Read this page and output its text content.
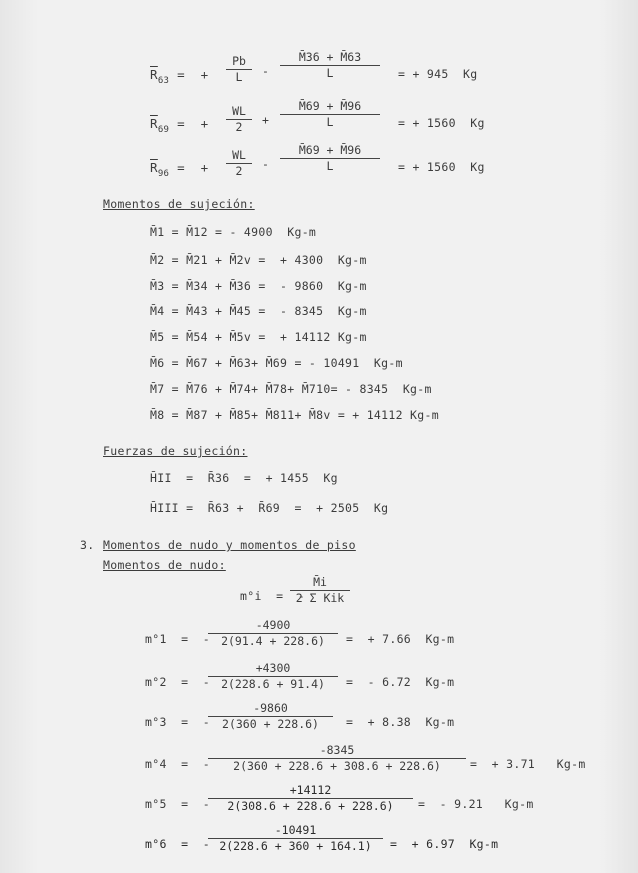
$\overline{R}_{63}$ =  + $\frac{Pb}{L} - \frac{M̄36 + M̄63}{L}$ = + 945  Kg
$\overline{R}_{69}$ =  + $\frac{WL}{2} + \frac{M̄69 + M̄96}{L}$ = + 1560  Kg
$\overline{R}_{96}$ =  + $\frac{WL}{2} - \frac{M̄69 + M̄96}{L}$ = + 1560  Kg
Momentos de sujeción:
M̄1 = M̄12 = - 4900  Kg-m
M̄2 = M̄21 + M̄2v =  + 4300  Kg-m
M̄3 = M̄34 + M̄36 =  - 9860  Kg-m
M̄4 = M̄43 + M̄45 =  - 8345  Kg-m
M̄5 = M̄54 + M̄5v =  + 14112 Kg-m
M̄6 = M̄67 + M̄63+ M̄69 = - 10491  Kg-m
M̄7 = M̄76 + M̄74+ M̄78+ M̄710= - 8345  Kg-m
M̄8 = M̄87 + M̄85+ M̄811+ M̄8v = + 14112 Kg-m
Fuerzas de sujeción:
H̄II  =  R̄36  =  + 1455  Kg
H̄III =  R̄63 +  R̄69  =  + 2505  Kg
3. Momentos de nudo y momentos de piso
Momentos de nudo:
m°i  =  -
M̄i
2 Σ Kik
m°1  =  -
$\frac{-4900}{2(91.4 + 228.6)}$ =  + 7.66  Kg-m
m°2  =  -
$\frac{+4300}{2(228.6 + 91.4)}$ =  - 6.72  Kg-m
m°3  =  -
$\frac{-9860}{2(360 + 228.6)}$ =  + 8.38  Kg-m
m°4  =  -
$\frac{-8345}{2(360 + 228.6 + 308.6 + 228.6)}$ =  + 3.71   Kg-m
m°5  =  -
$\frac{+14112}{2(308.6 + 228.6 + 228.6)}$ =  - 9.21   Kg-m
m°6  =  -
$\frac{-10491}{2(228.6 + 360 + 164.1)}$ =  + 6.97  Kg-m
